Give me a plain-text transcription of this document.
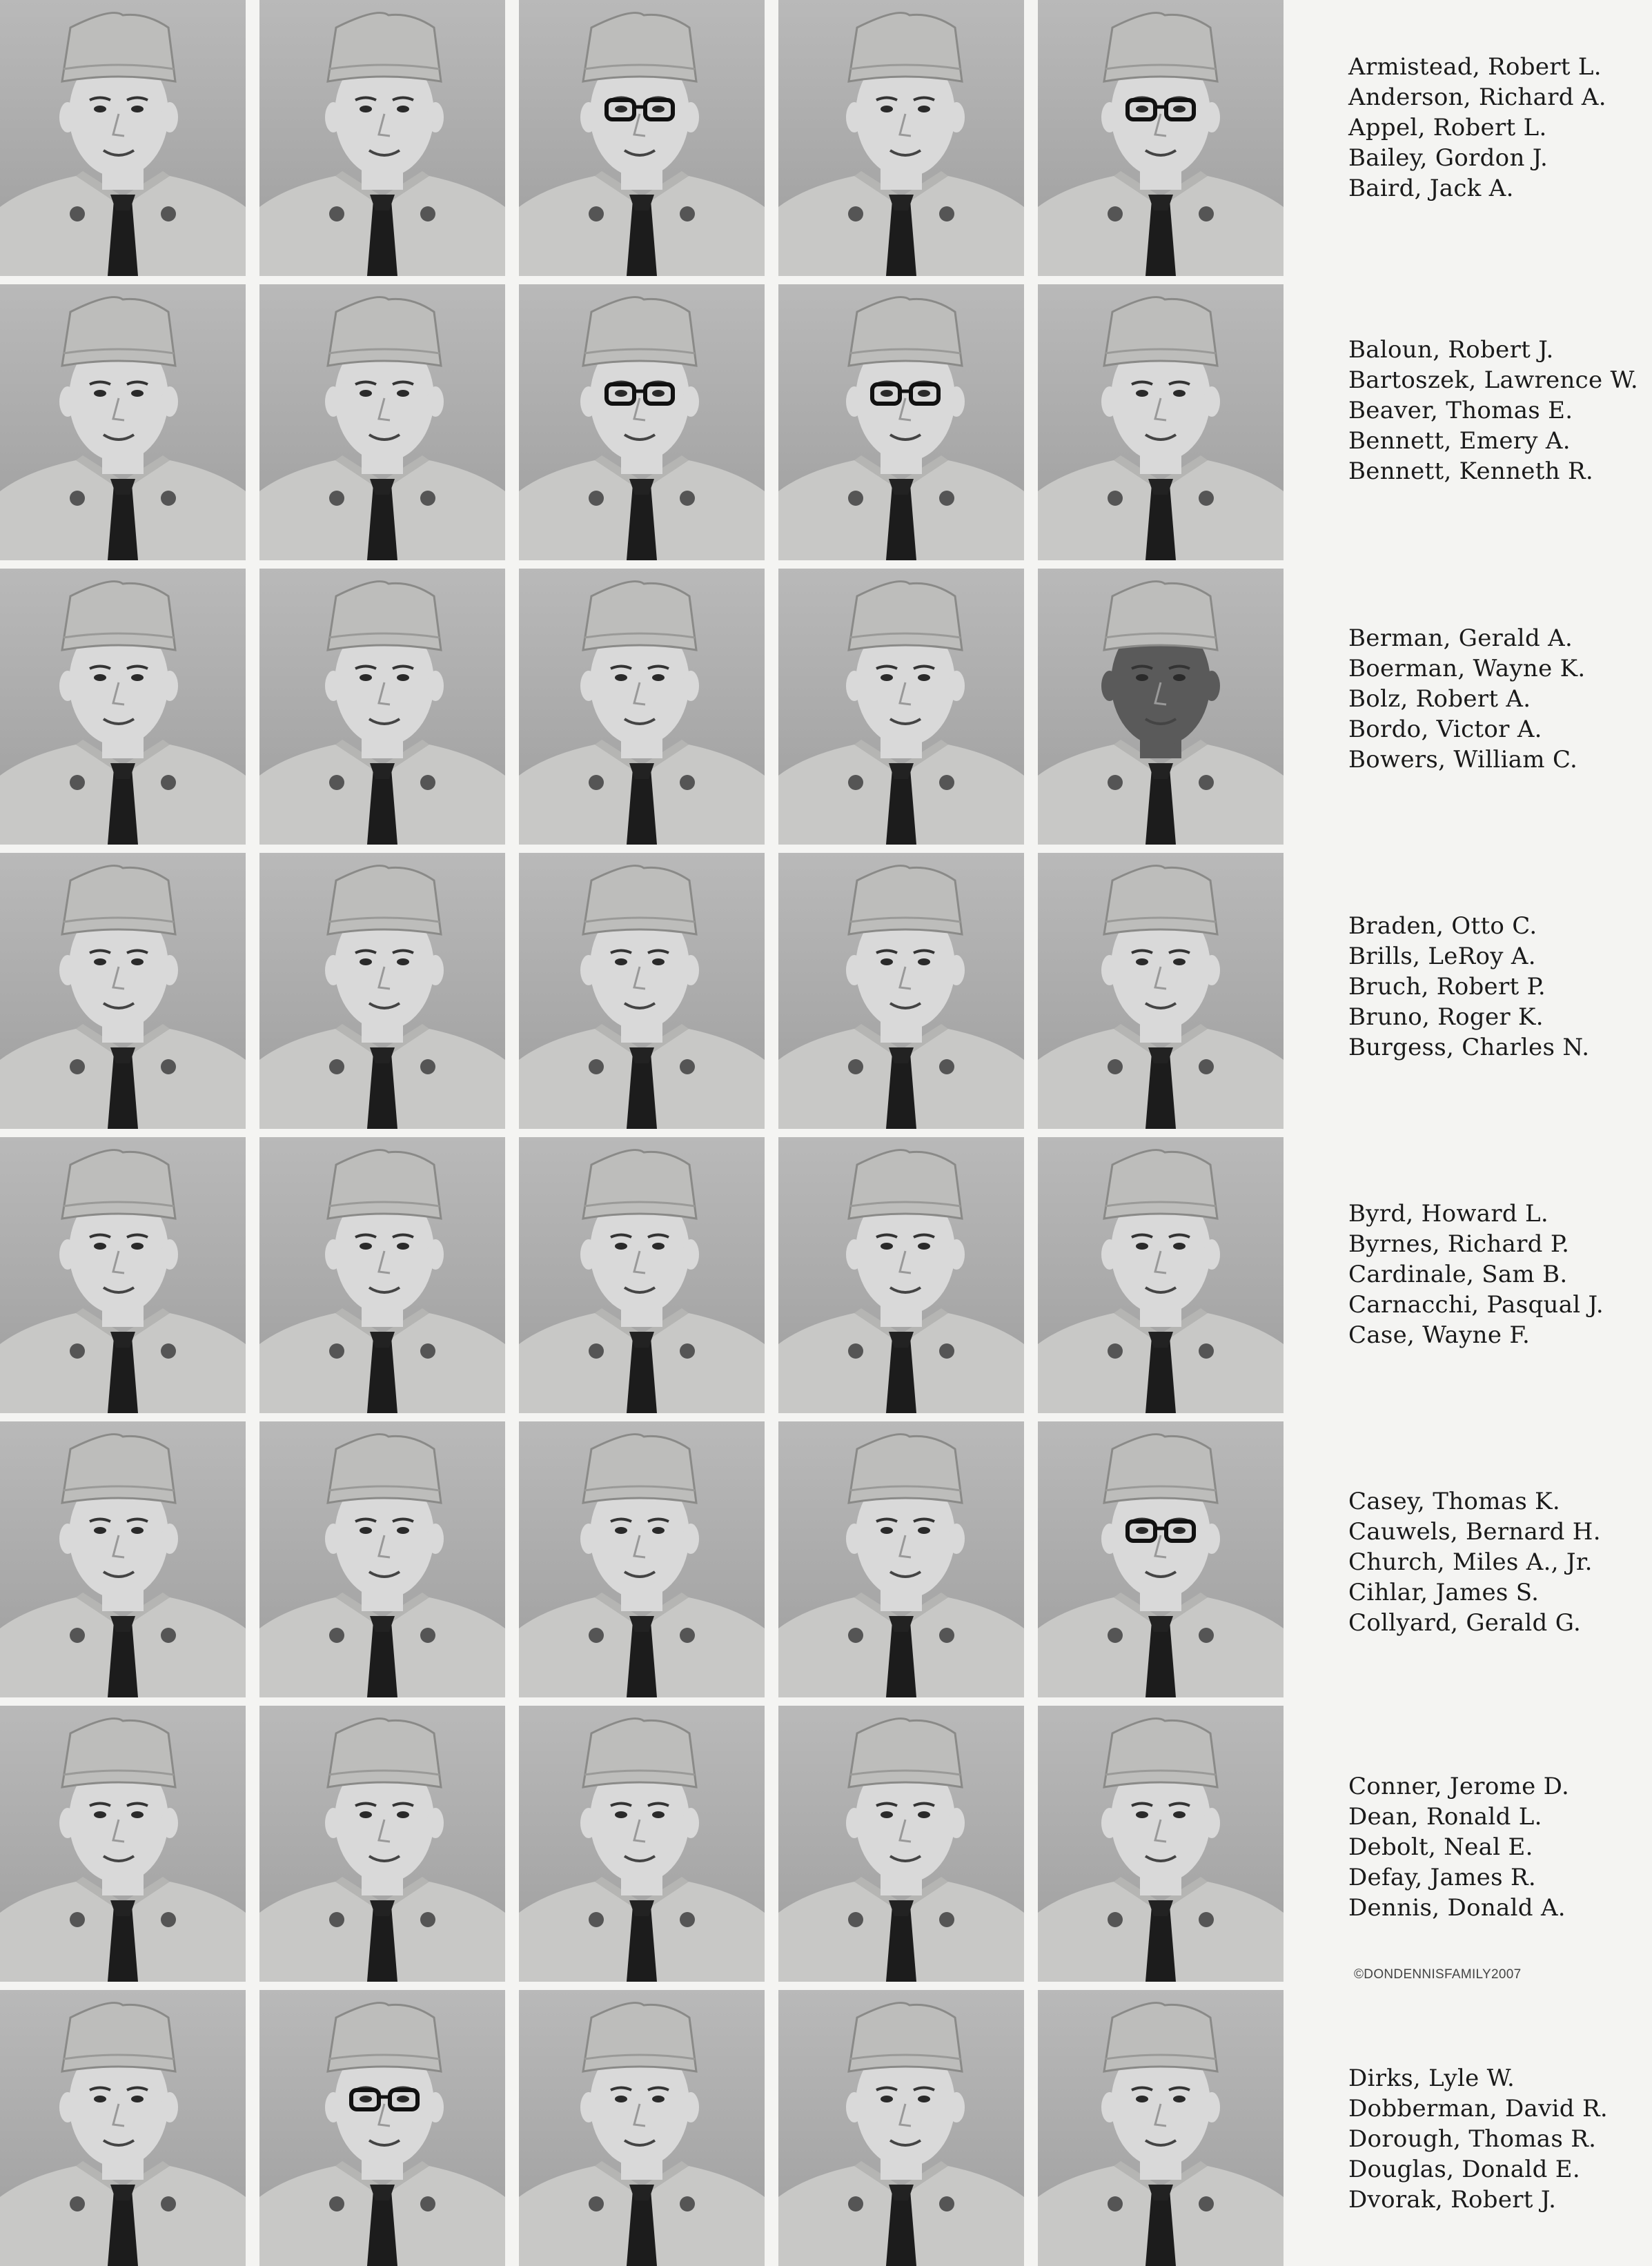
©DONDENNISFAMILY2007
Armistead, Robert L.
Anderson, Richard A.
Appel, Robert L.
Bailey, Gordon J.
Baird, Jack A.
Baloun, Robert J.
Bartoszek, Lawrence W.
Beaver, Thomas E.
Bennett, Emery A.
Bennett, Kenneth R.
Berman, Gerald A.
Boerman, Wayne K.
Bolz, Robert A.
Bordo, Victor A.
Bowers, William C.
Braden, Otto C.
Brills, LeRoy A.
Bruch, Robert P.
Bruno, Roger K.
Burgess, Charles N.
Byrd, Howard L.
Byrnes, Richard P.
Cardinale, Sam B.
Carnacchi, Pasqual J.
Case, Wayne F.
Casey, Thomas K.
Cauwels, Bernard H.
Church, Miles A., Jr.
Cihlar, James S.
Collyard, Gerald G.
Conner, Jerome D.
Dean, Ronald L.
Debolt, Neal E.
Defay, James R.
Dennis, Donald A.
Dirks, Lyle W.
Dobberman, David R.
Dorough, Thomas R.
Douglas, Donald E.
Dvorak, Robert J.
